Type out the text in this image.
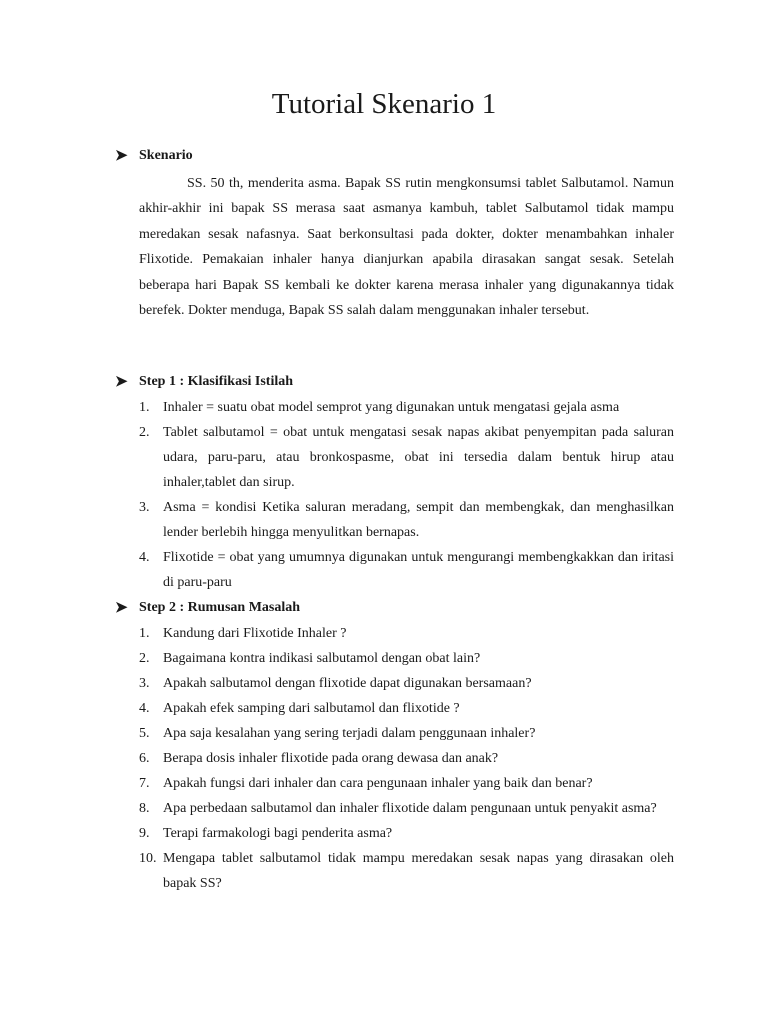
Tutorial Skenario 1
➤ Skenario
SS. 50 th, menderita asma. Bapak SS rutin mengkonsumsi tablet Salbutamol. Namun akhir-akhir ini bapak SS merasa saat asmanya kambuh, tablet Salbutamol tidak mampu meredakan sesak nafasnya. Saat berkonsultasi pada dokter, dokter menambahkan inhaler Flixotide. Pemakaian inhaler hanya dianjurkan apabila dirasakan sangat sesak. Setelah beberapa hari Bapak SS kembali ke dokter karena merasa inhaler yang digunakannya tidak berefek. Dokter menduga, Bapak SS salah dalam menggunakan inhaler tersebut.
➤ Step 1 : Klasifikasi Istilah
1. Inhaler = suatu obat model semprot yang digunakan untuk mengatasi gejala asma
2. Tablet salbutamol = obat untuk mengatasi sesak napas akibat penyempitan pada saluran udara, paru-paru, atau bronkospasme, obat ini tersedia dalam bentuk hirup atau inhaler,tablet dan sirup.
3. Asma = kondisi Ketika saluran meradang, sempit dan membengkak, dan menghasilkan lender berlebih hingga menyulitkan bernapas.
4. Flixotide = obat yang umumnya digunakan untuk mengurangi membengkakkan dan iritasi di paru-paru
➤ Step 2 : Rumusan Masalah
1. Kandung dari Flixotide Inhaler ?
2. Bagaimana kontra indikasi salbutamol dengan obat lain?
3. Apakah salbutamol dengan flixotide dapat digunakan bersamaan?
4. Apakah efek samping dari salbutamol dan flixotide ?
5. Apa saja kesalahan yang sering terjadi dalam penggunaan inhaler?
6. Berapa dosis inhaler flixotide pada orang dewasa dan anak?
7. Apakah fungsi dari inhaler dan cara pengunaan inhaler yang baik dan benar?
8. Apa perbedaan salbutamol dan inhaler flixotide dalam pengunaan untuk penyakit asma?
9. Terapi farmakologi bagi penderita asma?
10. Mengapa tablet salbutamol tidak mampu meredakan sesak napas yang dirasakan oleh bapak SS?
